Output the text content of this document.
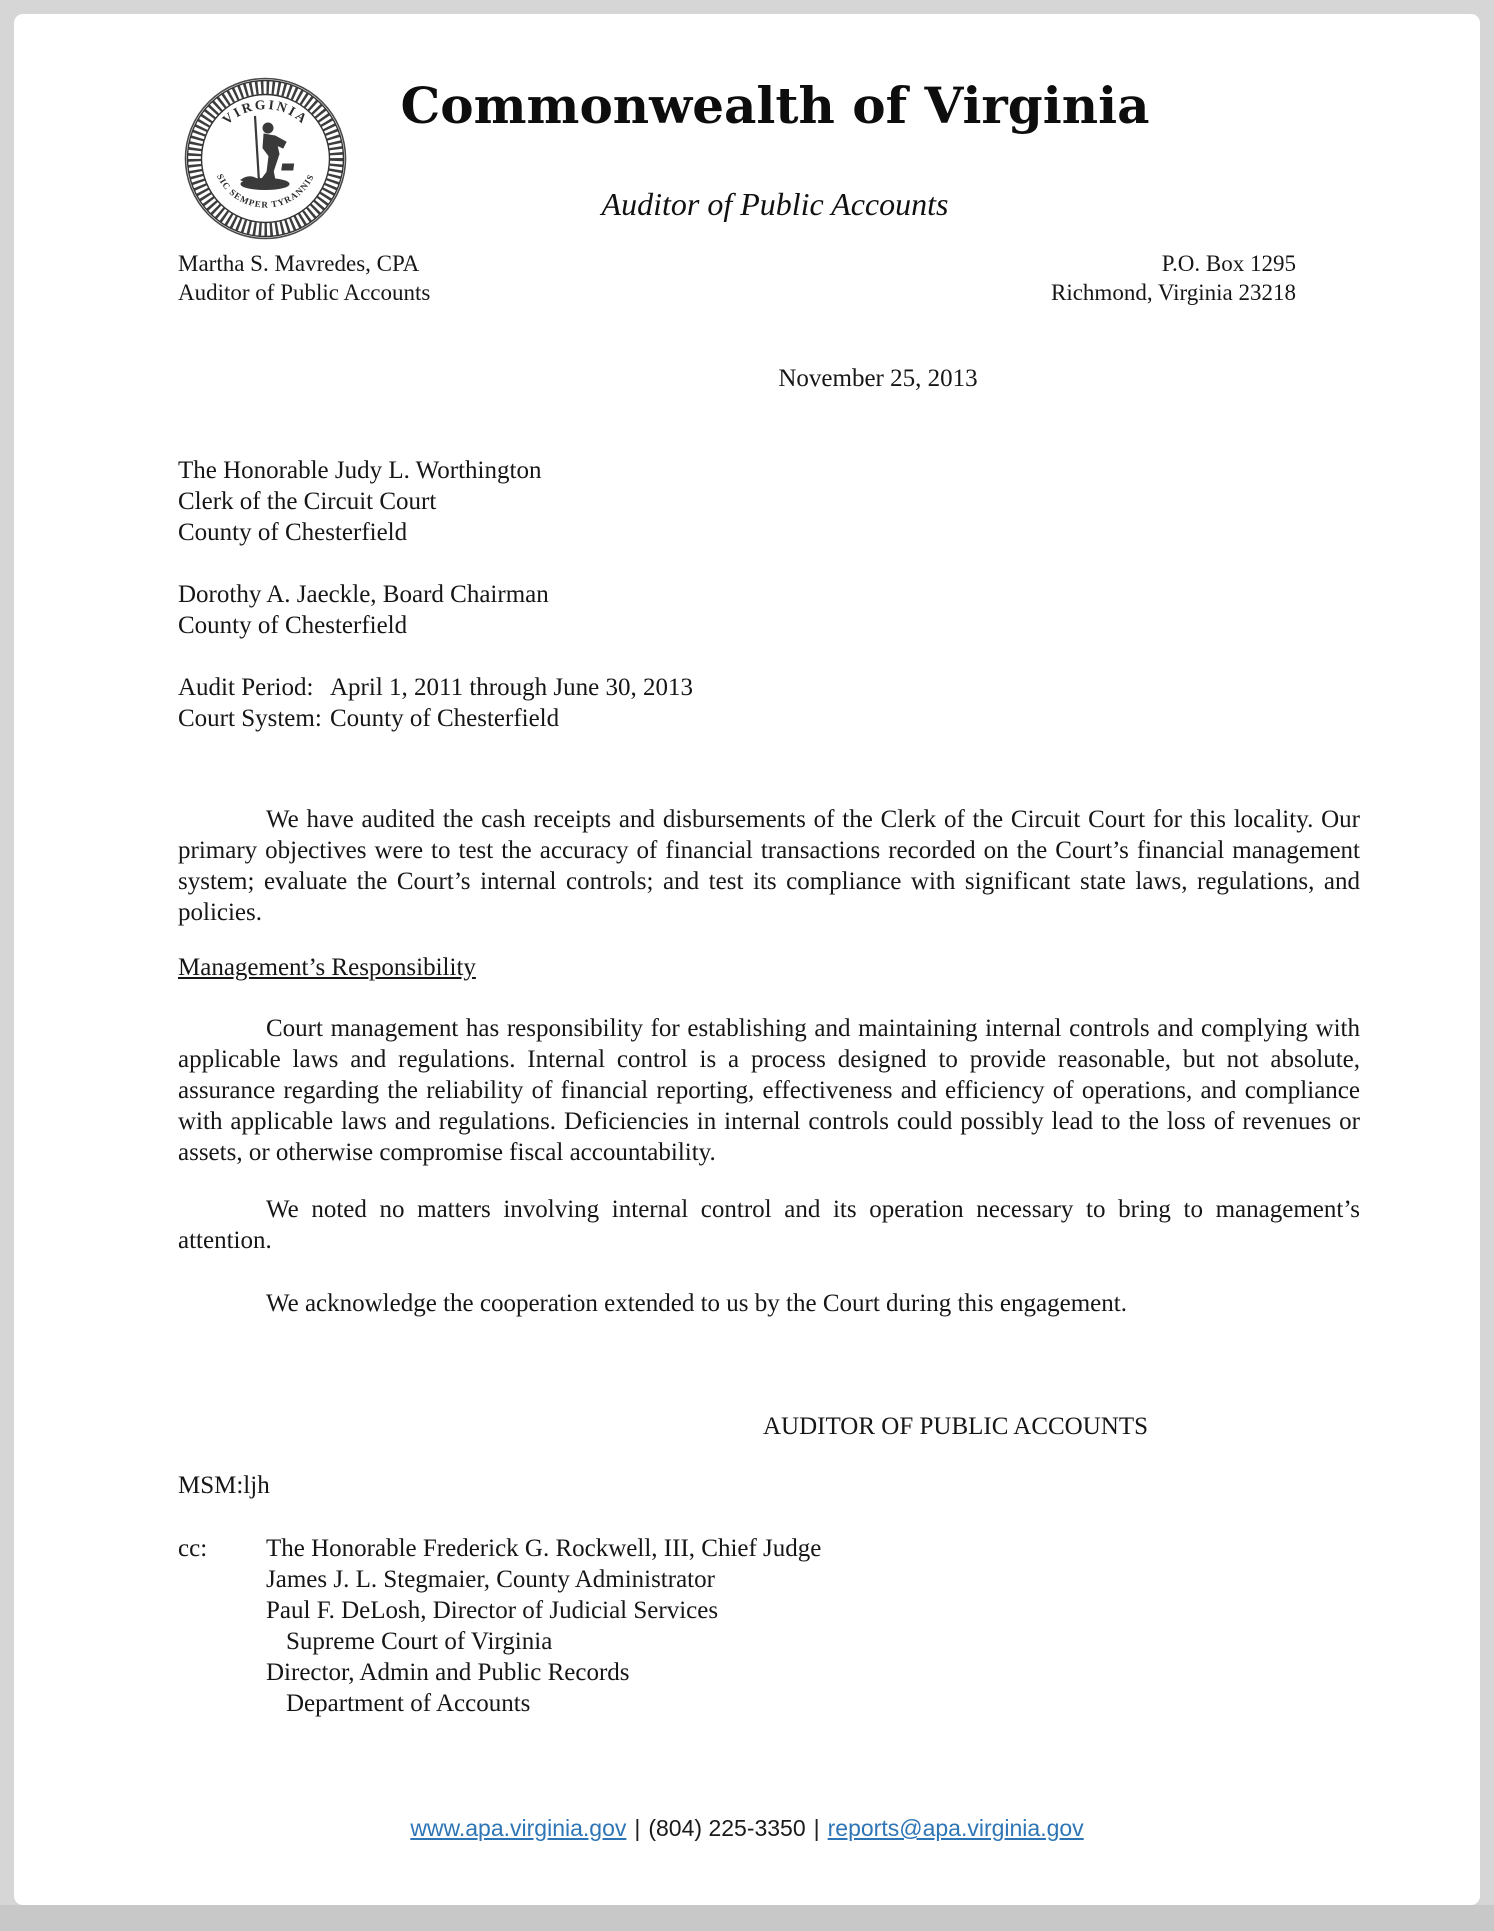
VIRGINIA
SIC SEMPER TYRANNIS
Commonwealth of Virginia
Auditor of Public Accounts
Martha S. Mavredes, CPA
Auditor of Public Accounts
P.O. Box 1295
Richmond, Virginia 23218
November 25, 2013
The Honorable Judy L. Worthington
Clerk of the Circuit Court
County of Chesterfield
Dorothy A. Jaeckle, Board Chairman
County of Chesterfield
Audit Period: April 1, 2011 through June 30, 2013
Court System: County of Chesterfield
We have audited the cash receipts and disbursements of the Clerk of the Circuit Court for this locality. Our primary objectives were to test the accuracy of financial transactions recorded on the Court’s financial management system; evaluate the Court’s internal controls; and test its compliance with significant state laws, regulations, and policies.
Management’s Responsibility
Court management has responsibility for establishing and maintaining internal controls and complying with applicable laws and regulations. Internal control is a process designed to provide reasonable, but not absolute, assurance regarding the reliability of financial reporting, effectiveness and efficiency of operations, and compliance with applicable laws and regulations. Deficiencies in internal controls could possibly lead to the loss of revenues or assets, or otherwise compromise fiscal accountability.
We noted no matters involving internal control and its operation necessary to bring to management’s attention.
We acknowledge the cooperation extended to us by the Court during this engagement.
AUDITOR OF PUBLIC ACCOUNTS
MSM:ljh
cc:	The Honorable Frederick G. Rockwell, III, Chief Judge
James J. L. Stegmaier, County Administrator
Paul F. DeLosh, Director of Judicial Services
Supreme Court of Virginia
Director, Admin and Public Records
Department of Accounts
www.apa.virginia.gov | (804) 225-3350 | reports@apa.virginia.gov
